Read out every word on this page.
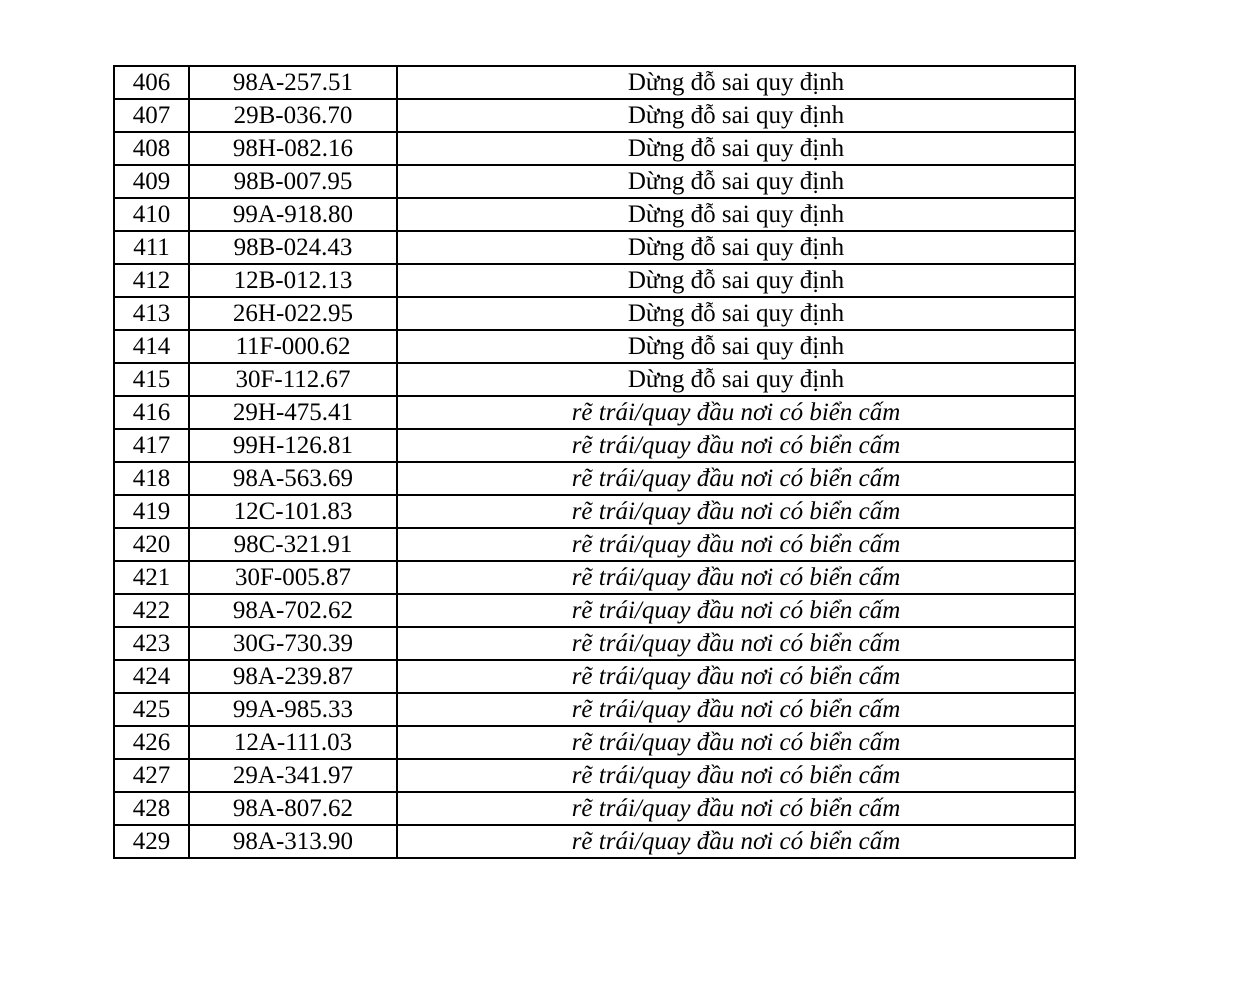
406	98A-257.51	Dừng đỗ sai quy định
407	29B-036.70	Dừng đỗ sai quy định
408	98H-082.16	Dừng đỗ sai quy định
409	98B-007.95	Dừng đỗ sai quy định
410	99A-918.80	Dừng đỗ sai quy định
411	98B-024.43	Dừng đỗ sai quy định
412	12B-012.13	Dừng đỗ sai quy định
413	26H-022.95	Dừng đỗ sai quy định
414	11F-000.62	Dừng đỗ sai quy định
415	30F-112.67	Dừng đỗ sai quy định
416	29H-475.41	rẽ trái/quay đầu nơi có biển cấm
417	99H-126.81	rẽ trái/quay đầu nơi có biển cấm
418	98A-563.69	rẽ trái/quay đầu nơi có biển cấm
419	12C-101.83	rẽ trái/quay đầu nơi có biển cấm
420	98C-321.91	rẽ trái/quay đầu nơi có biển cấm
421	30F-005.87	rẽ trái/quay đầu nơi có biển cấm
422	98A-702.62	rẽ trái/quay đầu nơi có biển cấm
423	30G-730.39	rẽ trái/quay đầu nơi có biển cấm
424	98A-239.87	rẽ trái/quay đầu nơi có biển cấm
425	99A-985.33	rẽ trái/quay đầu nơi có biển cấm
426	12A-111.03	rẽ trái/quay đầu nơi có biển cấm
427	29A-341.97	rẽ trái/quay đầu nơi có biển cấm
428	98A-807.62	rẽ trái/quay đầu nơi có biển cấm
429	98A-313.90	rẽ trái/quay đầu nơi có biển cấm
